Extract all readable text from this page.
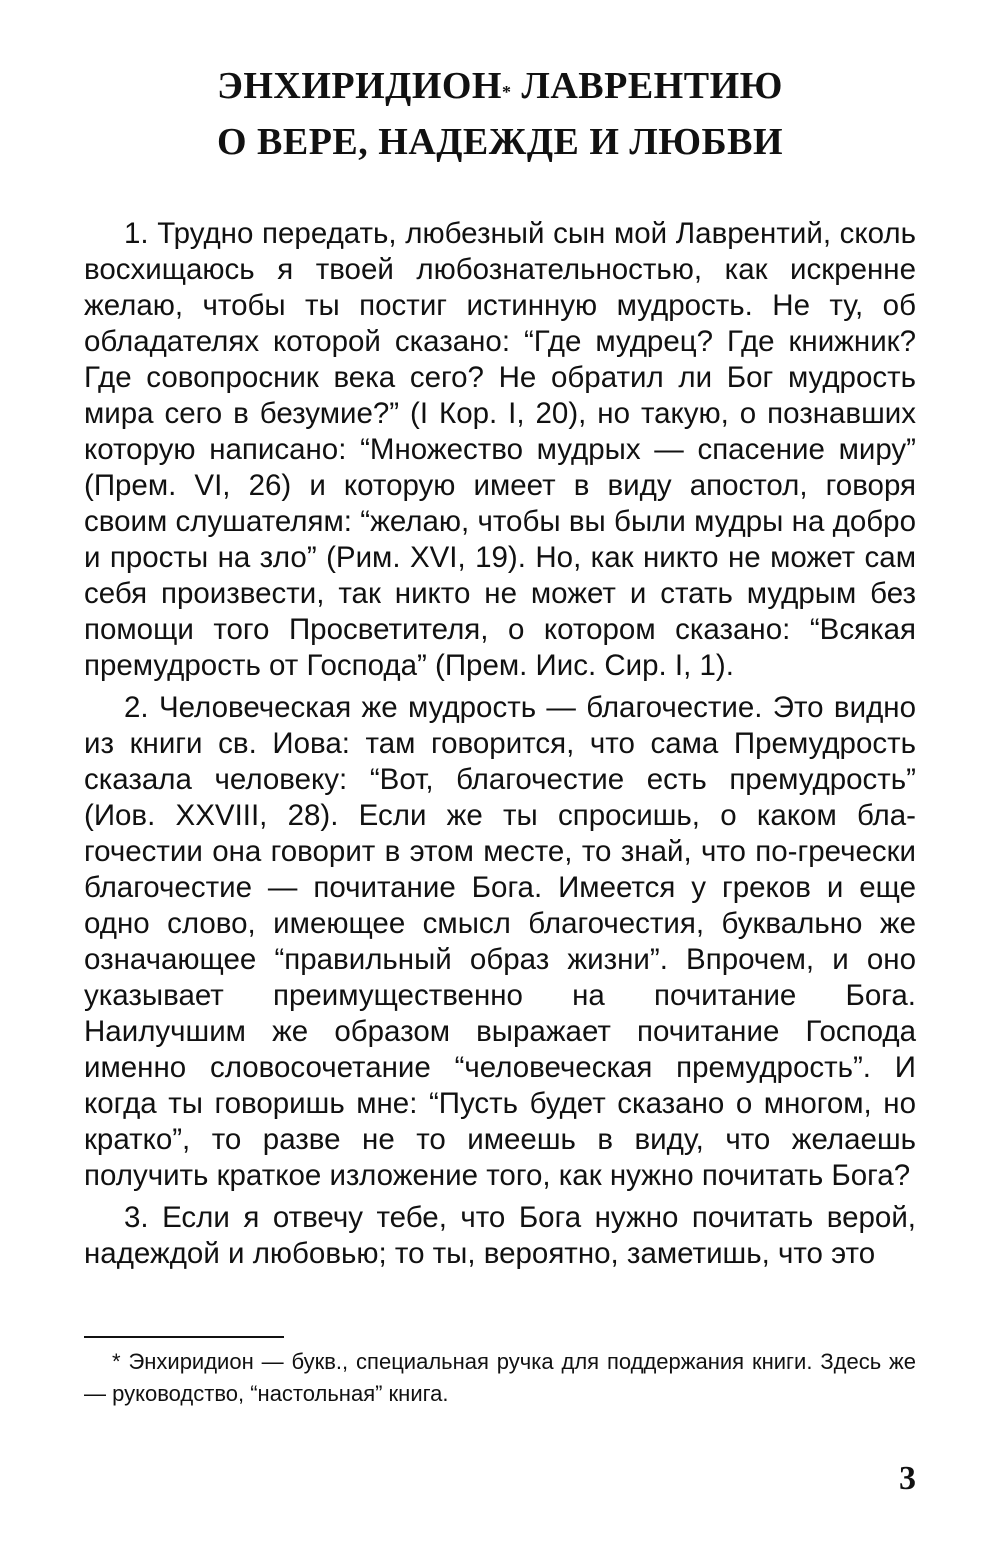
ЭНХИРИДИОН* ЛАВРЕНТИЮ
О ВЕРЕ, НАДЕЖДЕ И ЛЮБВИ

1. Трудно передать, любезный сын мой Лаврентий, сколь восхищаюсь я твоей любознательностью, как искренне желаю, чтобы ты постиг истинную мудрость. Не ту, об обладателях которой сказано: “Где мудрец? Где книжник? Где совопросник века сего? Не обратил ли Бог мудрость мира сего в безумие?” (I Кор. I, 20), но такую, о познавших которую написано: “Множество мудрых — спасение миру” (Прем. VI, 26) и которую имеет в виду апостол, говоря своим слушателям: “желаю, чтобы вы были мудры на добро и просты на зло” (Рим. XVI, 19). Но, как никто не может сам себя произвести, так никто не может и стать мудрым без помощи того Просветителя, о котором сказано: “Всякая премудрость от Господа” (Прем. Иис. Сир. I, 1).

2. Человеческая же мудрость — благочестие. Это видно из книги св. Иова: там говорится, что сама Премудрость сказала человеку: “Вот, благочестие есть премудрость” (Иов. XXVIII, 28). Если же ты спросишь, о каком благочестии она говорит в этом месте, то знай, что по-гречески благочестие — почитание Бога. Имеется у греков и еще одно слово, имеющее смысл благочестия, буквально же означающее “правильный образ жизни”. Впрочем, и оно указывает преимущественно на почитание Бога. Наилучшим же образом выражает почитание Господа именно словосочетание “человеческая премудрость”. И когда ты говоришь мне: “Пусть будет сказано о многом, но кратко”, то разве не то имеешь в виду, что желаешь получить краткое изложение того, как нужно почитать Бога?

3. Если я отвечу тебе, что Бога нужно почитать верой, надеждой и любовью; то ты, вероятно, заметишь, что это

* Энхиридион — букв., специальная ручка для поддержания книги. Здесь же — руководство, “настольная” книга.
3
